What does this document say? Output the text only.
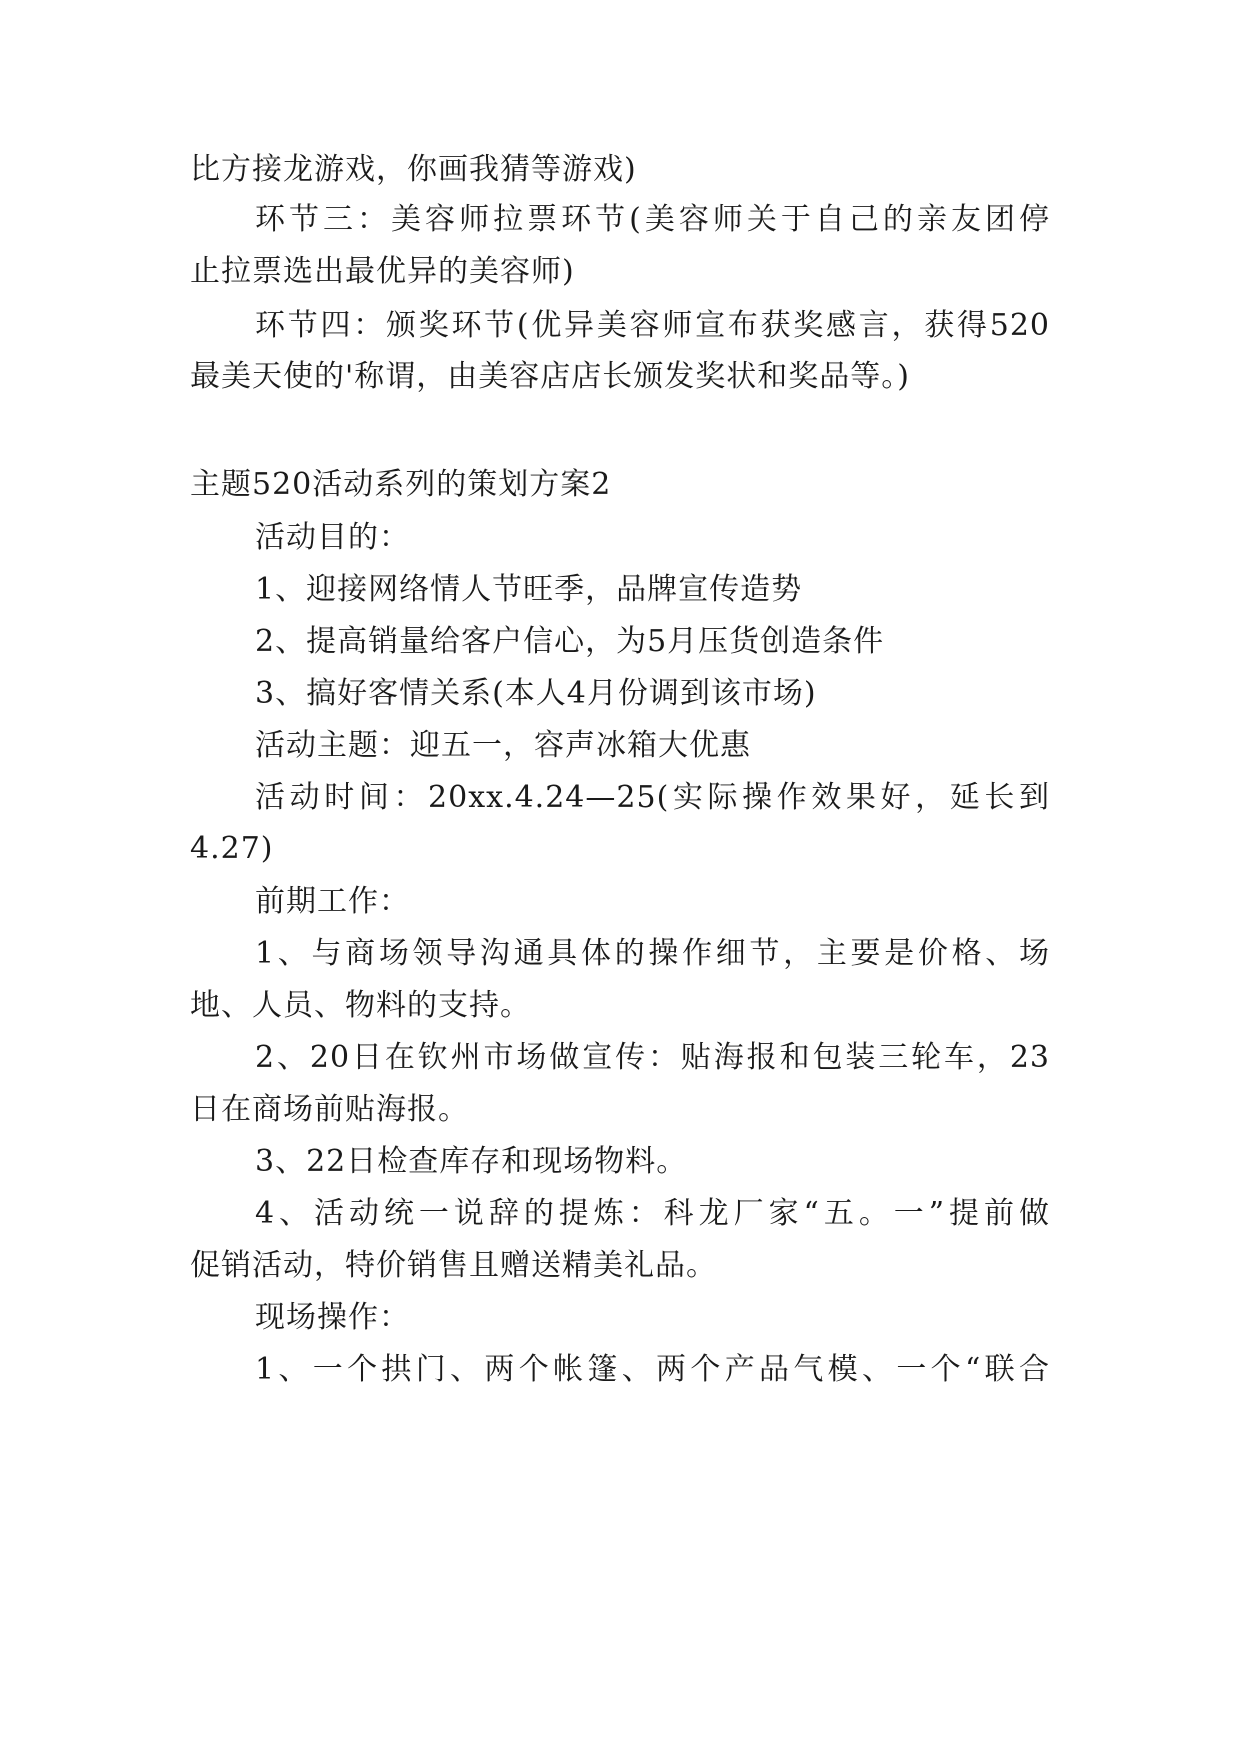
比方接龙游戏，你画我猜等游戏)

环节三：美容师拉票环节(美容师关于自己的亲友团停

止拉票选出最优异的美容师)

环节四：颁奖环节(优异美容师宣布获奖感言，获得520

最美天使的'称谓，由美容店店长颁发奖状和奖品等。)

主题520活动系列的策划方案2

活动目的：

1、迎接网络情人节旺季，品牌宣传造势

2、提高销量给客户信心，为5月压货创造条件

3、搞好客情关系(本人4月份调到该市场)

活动主题：迎五一，容声冰箱大优惠

活动时间：20xx.4.24—25(实际操作效果好，延长到

4.27)

前期工作：

1、与商场领导沟通具体的操作细节，主要是价格、场

地、人员、物料的支持。

2、20日在钦州市场做宣传：贴海报和包装三轮车，23

日在商场前贴海报。

3、22日检查库存和现场物料。

4、活动统一说辞的提炼：科龙厂家“五。一”提前做

促销活动，特价销售且赠送精美礼品。

现场操作：

1、一个拱门、两个帐篷、两个产品气模、一个“联合
